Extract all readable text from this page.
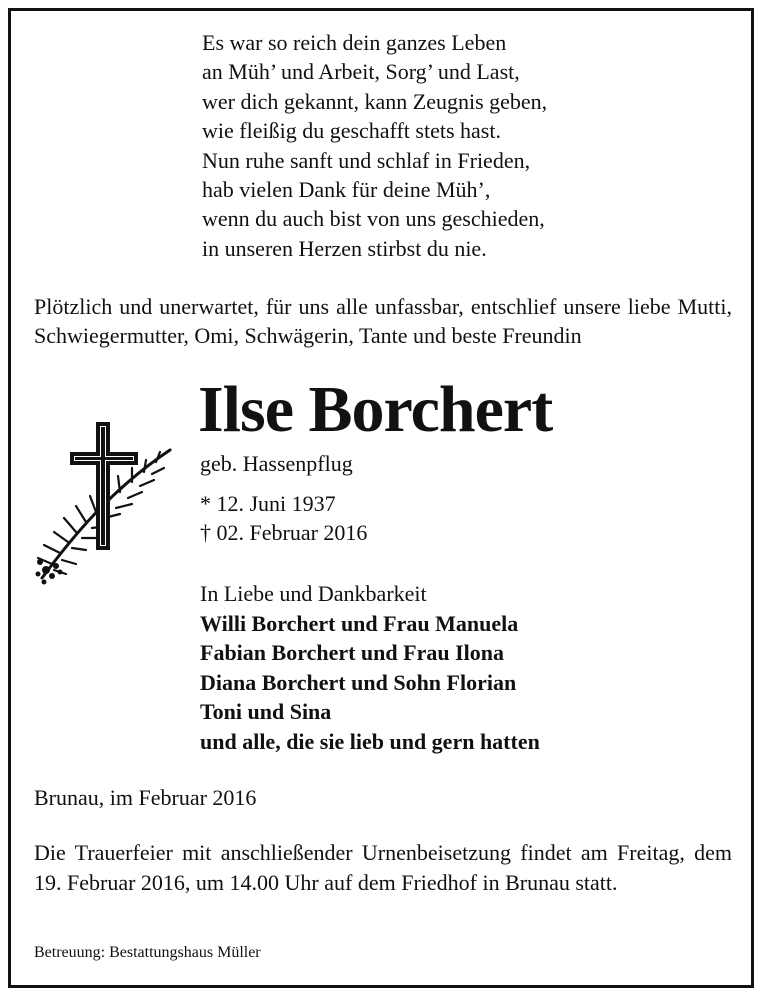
Es war so reich dein ganzes Leben
an Müh’ und Arbeit, Sorg’ und Last,
wer dich gekannt, kann Zeugnis geben,
wie fleißig du geschafft stets hast.
Nun ruhe sanft und schlaf in Frieden,
hab vielen Dank für deine Müh’,
wenn du auch bist von uns geschieden,
in unseren Herzen stirbst du nie.
Plötzlich und unerwartet, für uns alle unfassbar, entschlief unsere liebe Mutti, Schwiegermutter, Omi, Schwägerin, Tante und beste Freundin
Ilse Borchert
geb. Hassenpflug
* 12. Juni 1937
† 02. Februar 2016
In Liebe und Dankbarkeit
Willi Borchert und Frau Manuela
Fabian Borchert und Frau Ilona
Diana Borchert und Sohn Florian
Toni und Sina
und alle, die sie lieb und gern hatten
Brunau, im Februar 2016
Die Trauerfeier mit anschließender Urnenbeisetzung findet am Freitag, dem 19. Februar 2016, um 14.00 Uhr auf dem Friedhof in Brunau statt.
Betreuung: Bestattungshaus Müller
